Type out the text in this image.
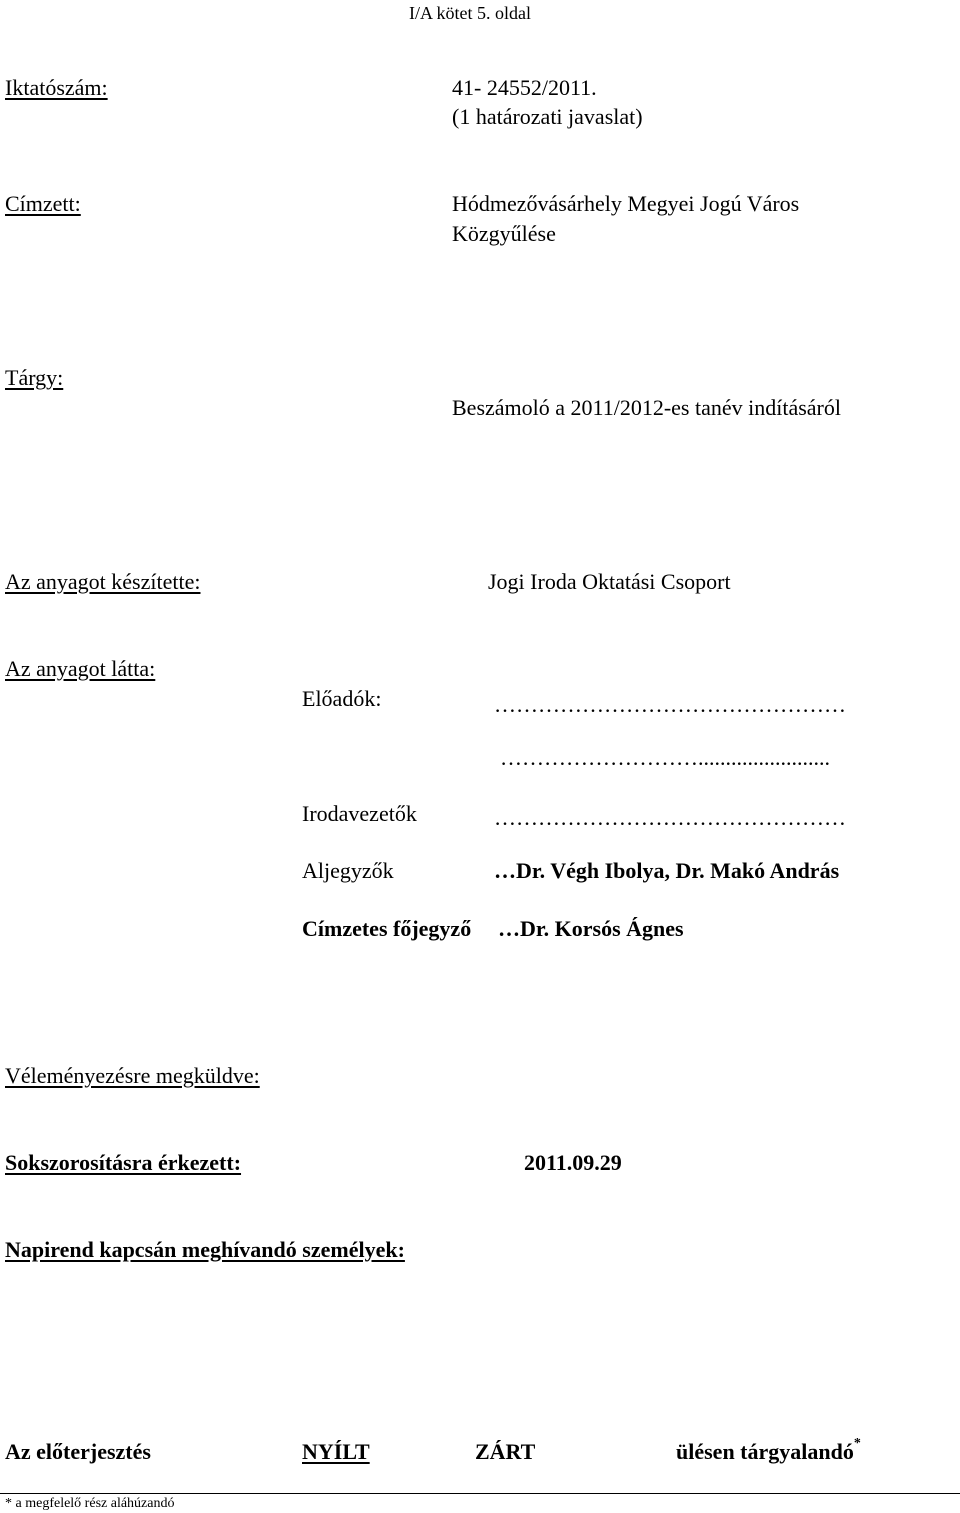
I/A kötet 5. oldal
Iktatószám:	41- 24552/2011.
(1 határozati javaslat)
Címzett:	Hódmezővásárhely Megyei Jogú Város
Közgyűlése
Tárgy:
Beszámoló a 2011/2012-es tanév indításáról
Az anyagot készítette:	Jogi Iroda Oktatási Csoport
Az anyagot látta:
Előadók:	…………………………………………
………………………........................
Irodavezetők	…………………………………………
Aljegyzők	…Dr. Végh Ibolya, Dr. Makó András
Címzetes főjegyző …Dr. Korsós Ágnes
Véleményezésre megküldve:
Sokszorosításra érkezett:	2011.09.29
Napirend kapcsán meghívandó személyek:
Az előterjesztés	NYÍLT	ZÁRT	ülésen tárgyalandó*
* a megfelelő rész aláhúzandó
